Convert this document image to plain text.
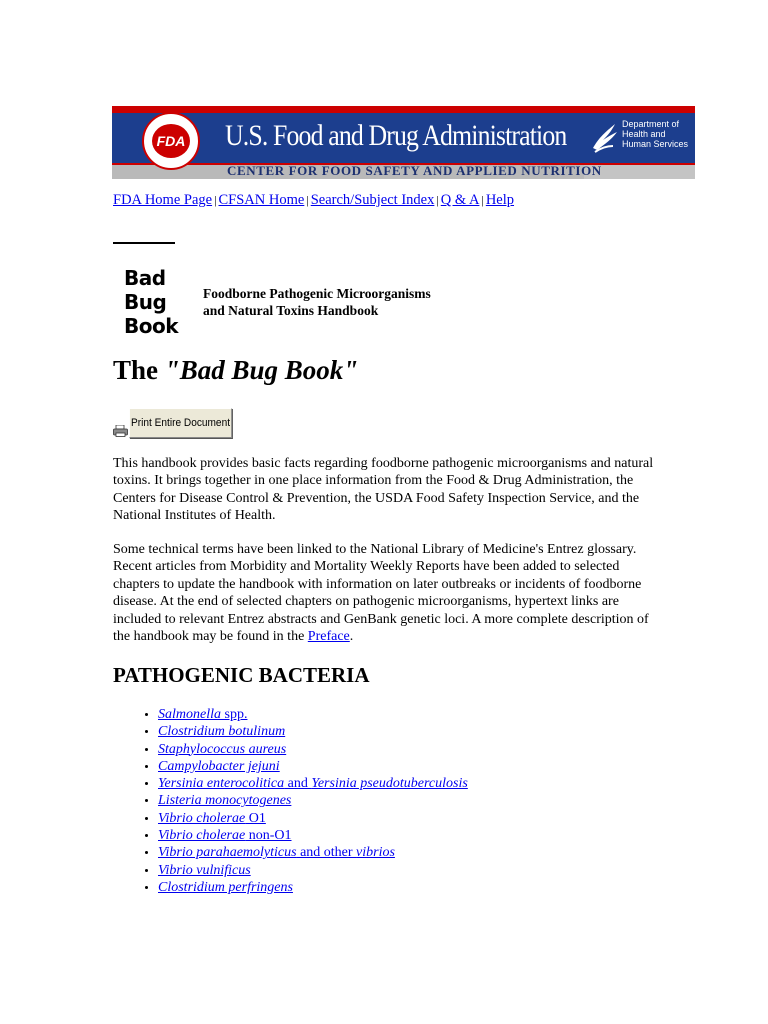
FDA U.S. Food and Drug Administration
CENTER FOR FOOD SAFETY AND APPLIED NUTRITION
Department of
Health and
Human Services
FDA Home Page | CFSAN Home | Search/Subject Index | Q & A | Help
Bad
Bug
Book
Foodborne Pathogenic Microorganisms
and Natural Toxins Handbook
The "Bad Bug Book"
Print Entire Document

This handbook provides basic facts regarding foodborne pathogenic microorganisms and natural toxins. It brings together in one place information from the Food & Drug Administration, the Centers for Disease Control & Prevention, the USDA Food Safety Inspection Service, and the National Institutes of Health.

Some technical terms have been linked to the National Library of Medicine's Entrez glossary. Recent articles from Morbidity and Mortality Weekly Reports have been added to selected chapters to update the handbook with information on later outbreaks or incidents of foodborne disease. At the end of selected chapters on pathogenic microorganisms, hypertext links are included to relevant Entrez abstracts and GenBank genetic loci. A more complete description of the handbook may be found in the Preface.

PATHOGENIC BACTERIA
• Salmonella spp.
• Clostridium botulinum
• Staphylococcus aureus
• Campylobacter jejuni
• Yersinia enterocolitica and Yersinia pseudotuberculosis
• Listeria monocytogenes
• Vibrio cholerae O1
• Vibrio cholerae non-O1
• Vibrio parahaemolyticus and other vibrios
• Vibrio vulnificus
• Clostridium perfringens
